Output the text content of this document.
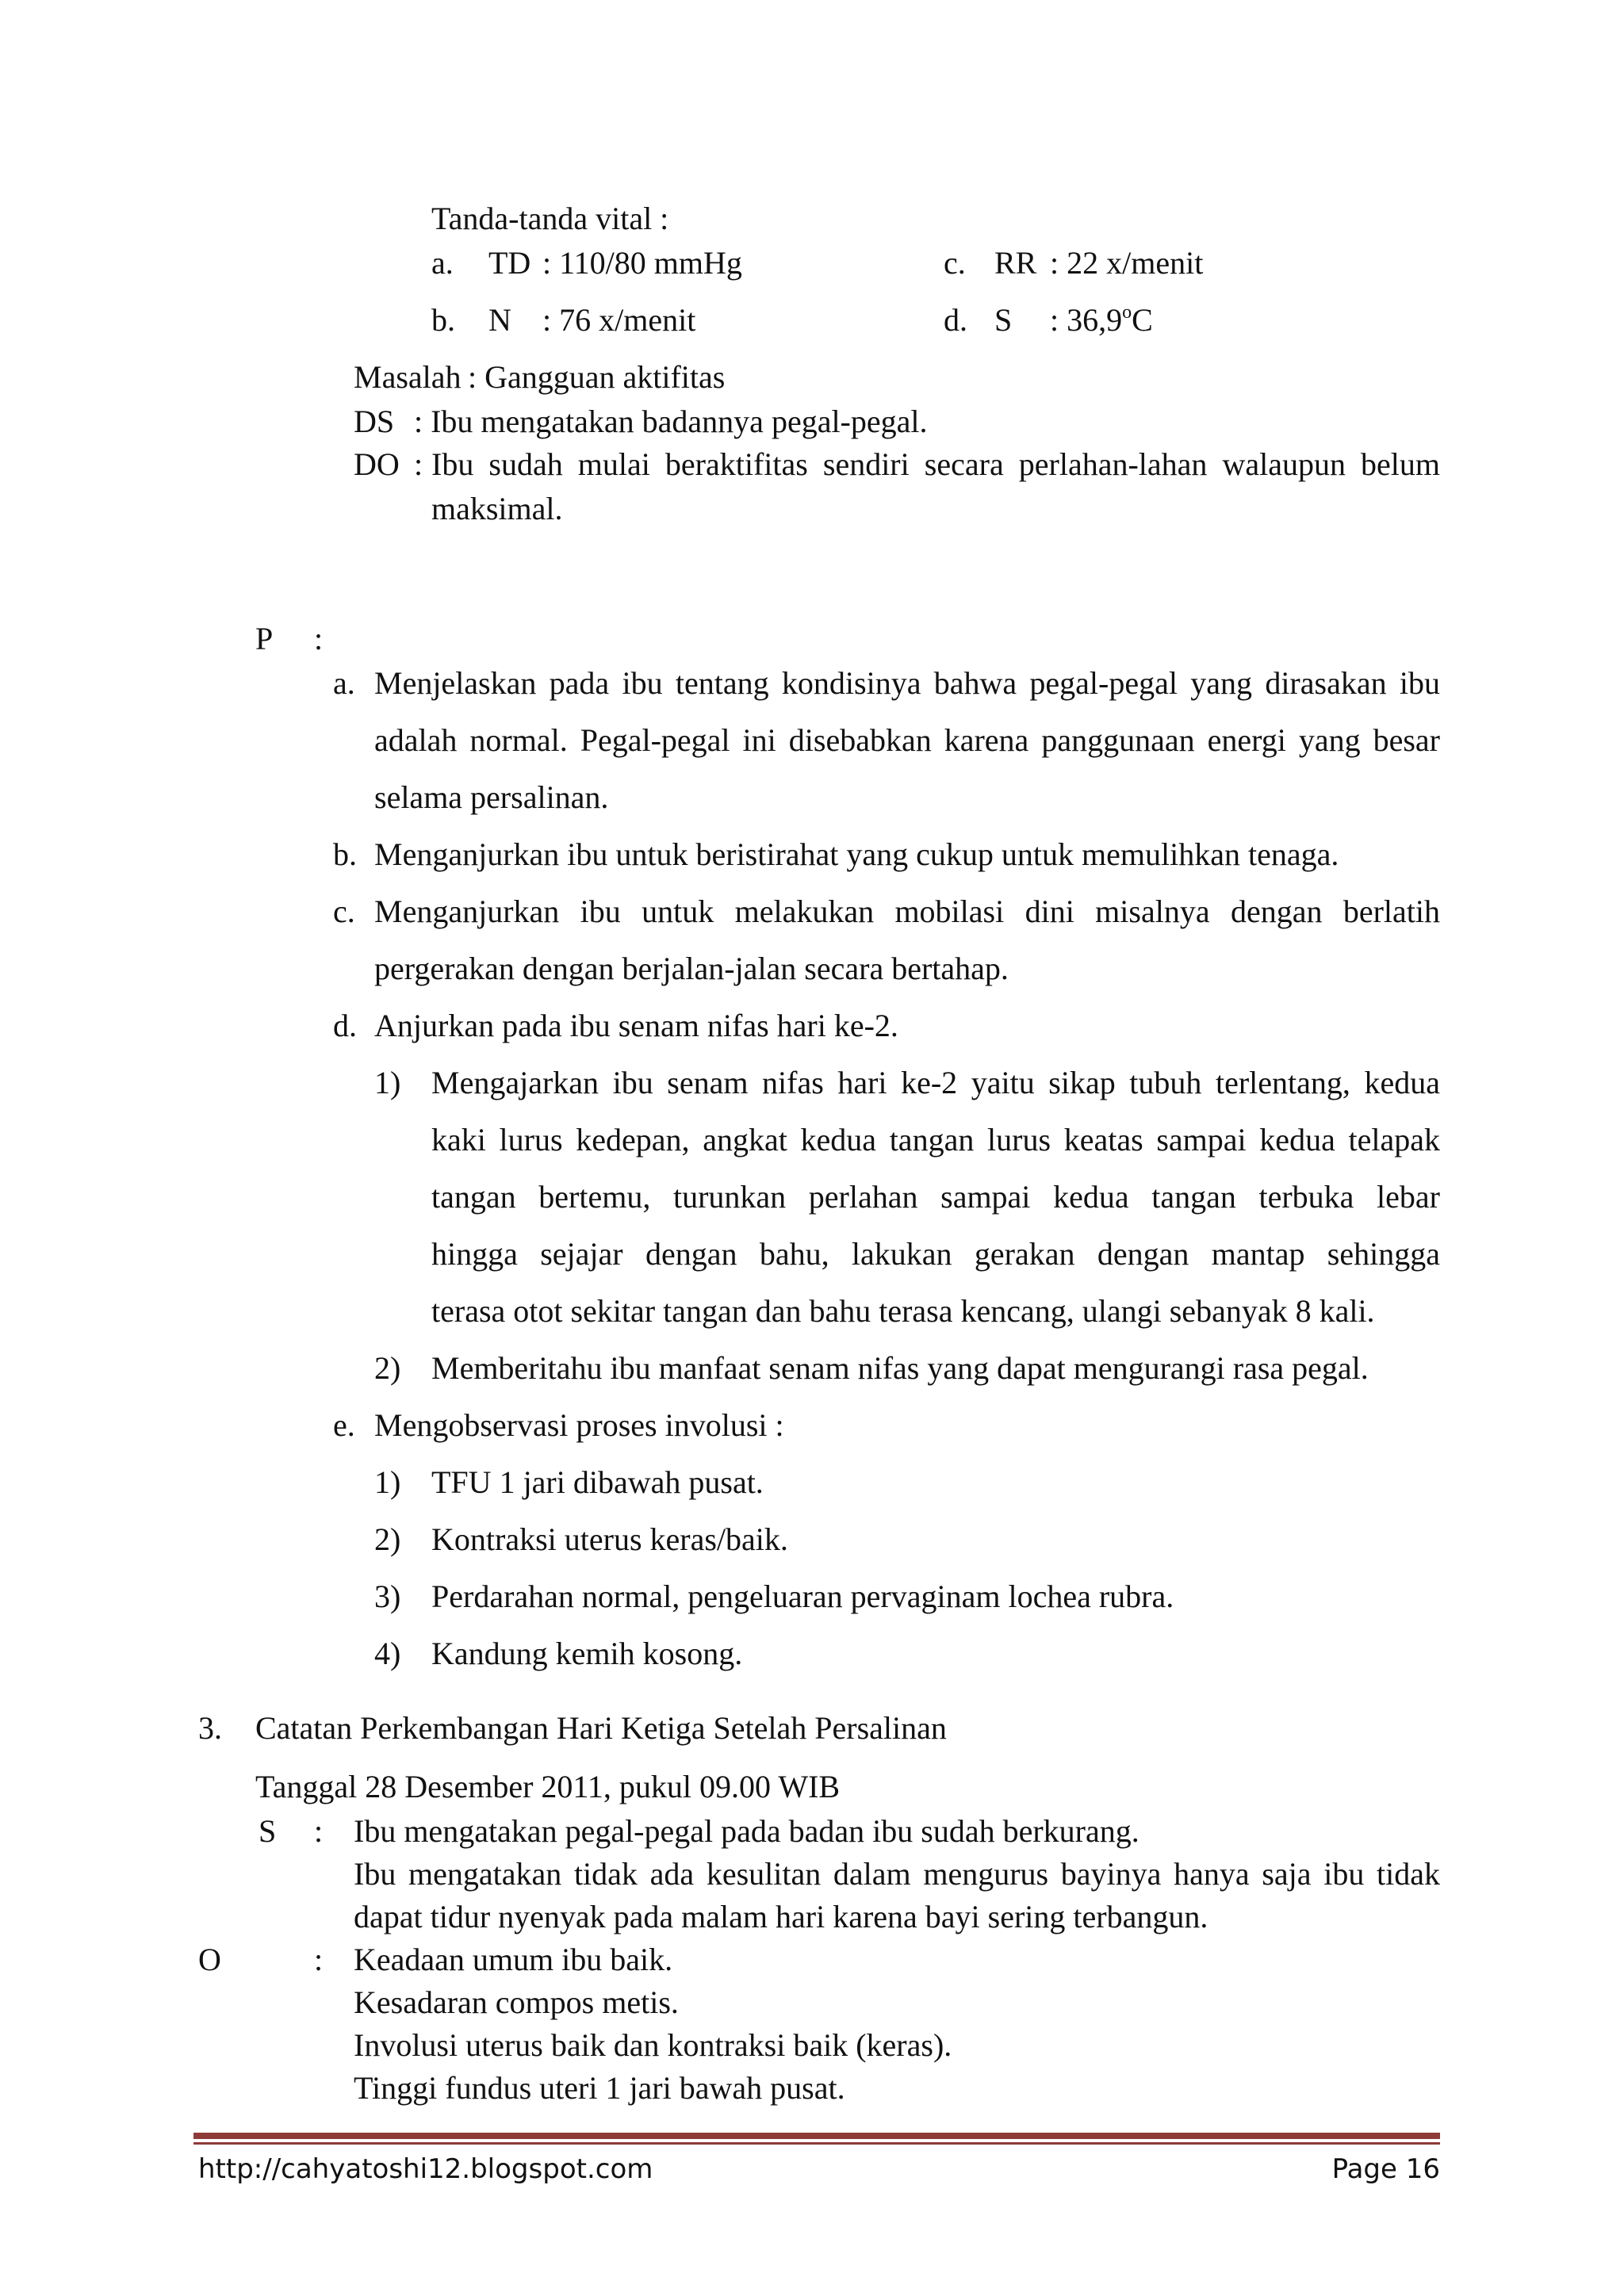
Tanda-tanda vital :
a. TD : 110/80 mmHg	c. RR : 22 x/menit
b. N : 76 x/menit	d. S : 36,9$^o$C
Masalah : Gangguan aktifitas
DS : Ibu mengatakan badannya pegal-pegal.
DO : Ibu sudah mulai beraktifitas sendiri secara perlahan-lahan walaupun belum
maksimal.
P :
a. Menjelaskan pada ibu tentang kondisinya bahwa pegal-pegal yang dirasakan ibu
adalah normal. Pegal-pegal ini disebabkan karena panggunaan energi yang besar
selama persalinan.
b. Menganjurkan ibu untuk beristirahat yang cukup untuk memulihkan tenaga.
c. Menganjurkan ibu untuk melakukan mobilasi dini misalnya dengan berlatih
pergerakan dengan berjalan-jalan secara bertahap.
d. Anjurkan pada ibu senam nifas hari ke-2.
1) Mengajarkan ibu senam nifas hari ke-2 yaitu sikap tubuh terlentang, kedua
kaki lurus kedepan, angkat kedua tangan lurus keatas sampai kedua telapak
tangan bertemu, turunkan perlahan sampai kedua tangan terbuka lebar
hingga sejajar dengan bahu, lakukan gerakan dengan mantap sehingga
terasa otot sekitar tangan dan bahu terasa kencang, ulangi sebanyak 8 kali.
2) Memberitahu ibu manfaat senam nifas yang dapat mengurangi rasa pegal.
e. Mengobservasi proses involusi :
1) TFU 1 jari dibawah pusat.
2) Kontraksi uterus keras/baik.
3) Perdarahan normal, pengeluaran pervaginam lochea rubra.
4) Kandung kemih kosong.
3. Catatan Perkembangan Hari Ketiga Setelah Persalinan
Tanggal 28 Desember 2011, pukul 09.00 WIB
S : Ibu mengatakan pegal-pegal pada badan ibu sudah berkurang.
Ibu mengatakan tidak ada kesulitan dalam mengurus bayinya hanya saja ibu tidak
dapat tidur nyenyak pada malam hari karena bayi sering terbangun.
O	: Keadaan umum ibu baik.
Kesadaran compos metis.
Involusi uterus baik dan kontraksi baik (keras).
Tinggi fundus uteri 1 jari bawah pusat.
http://cahyatoshi12.blogspot.com	Page 16
